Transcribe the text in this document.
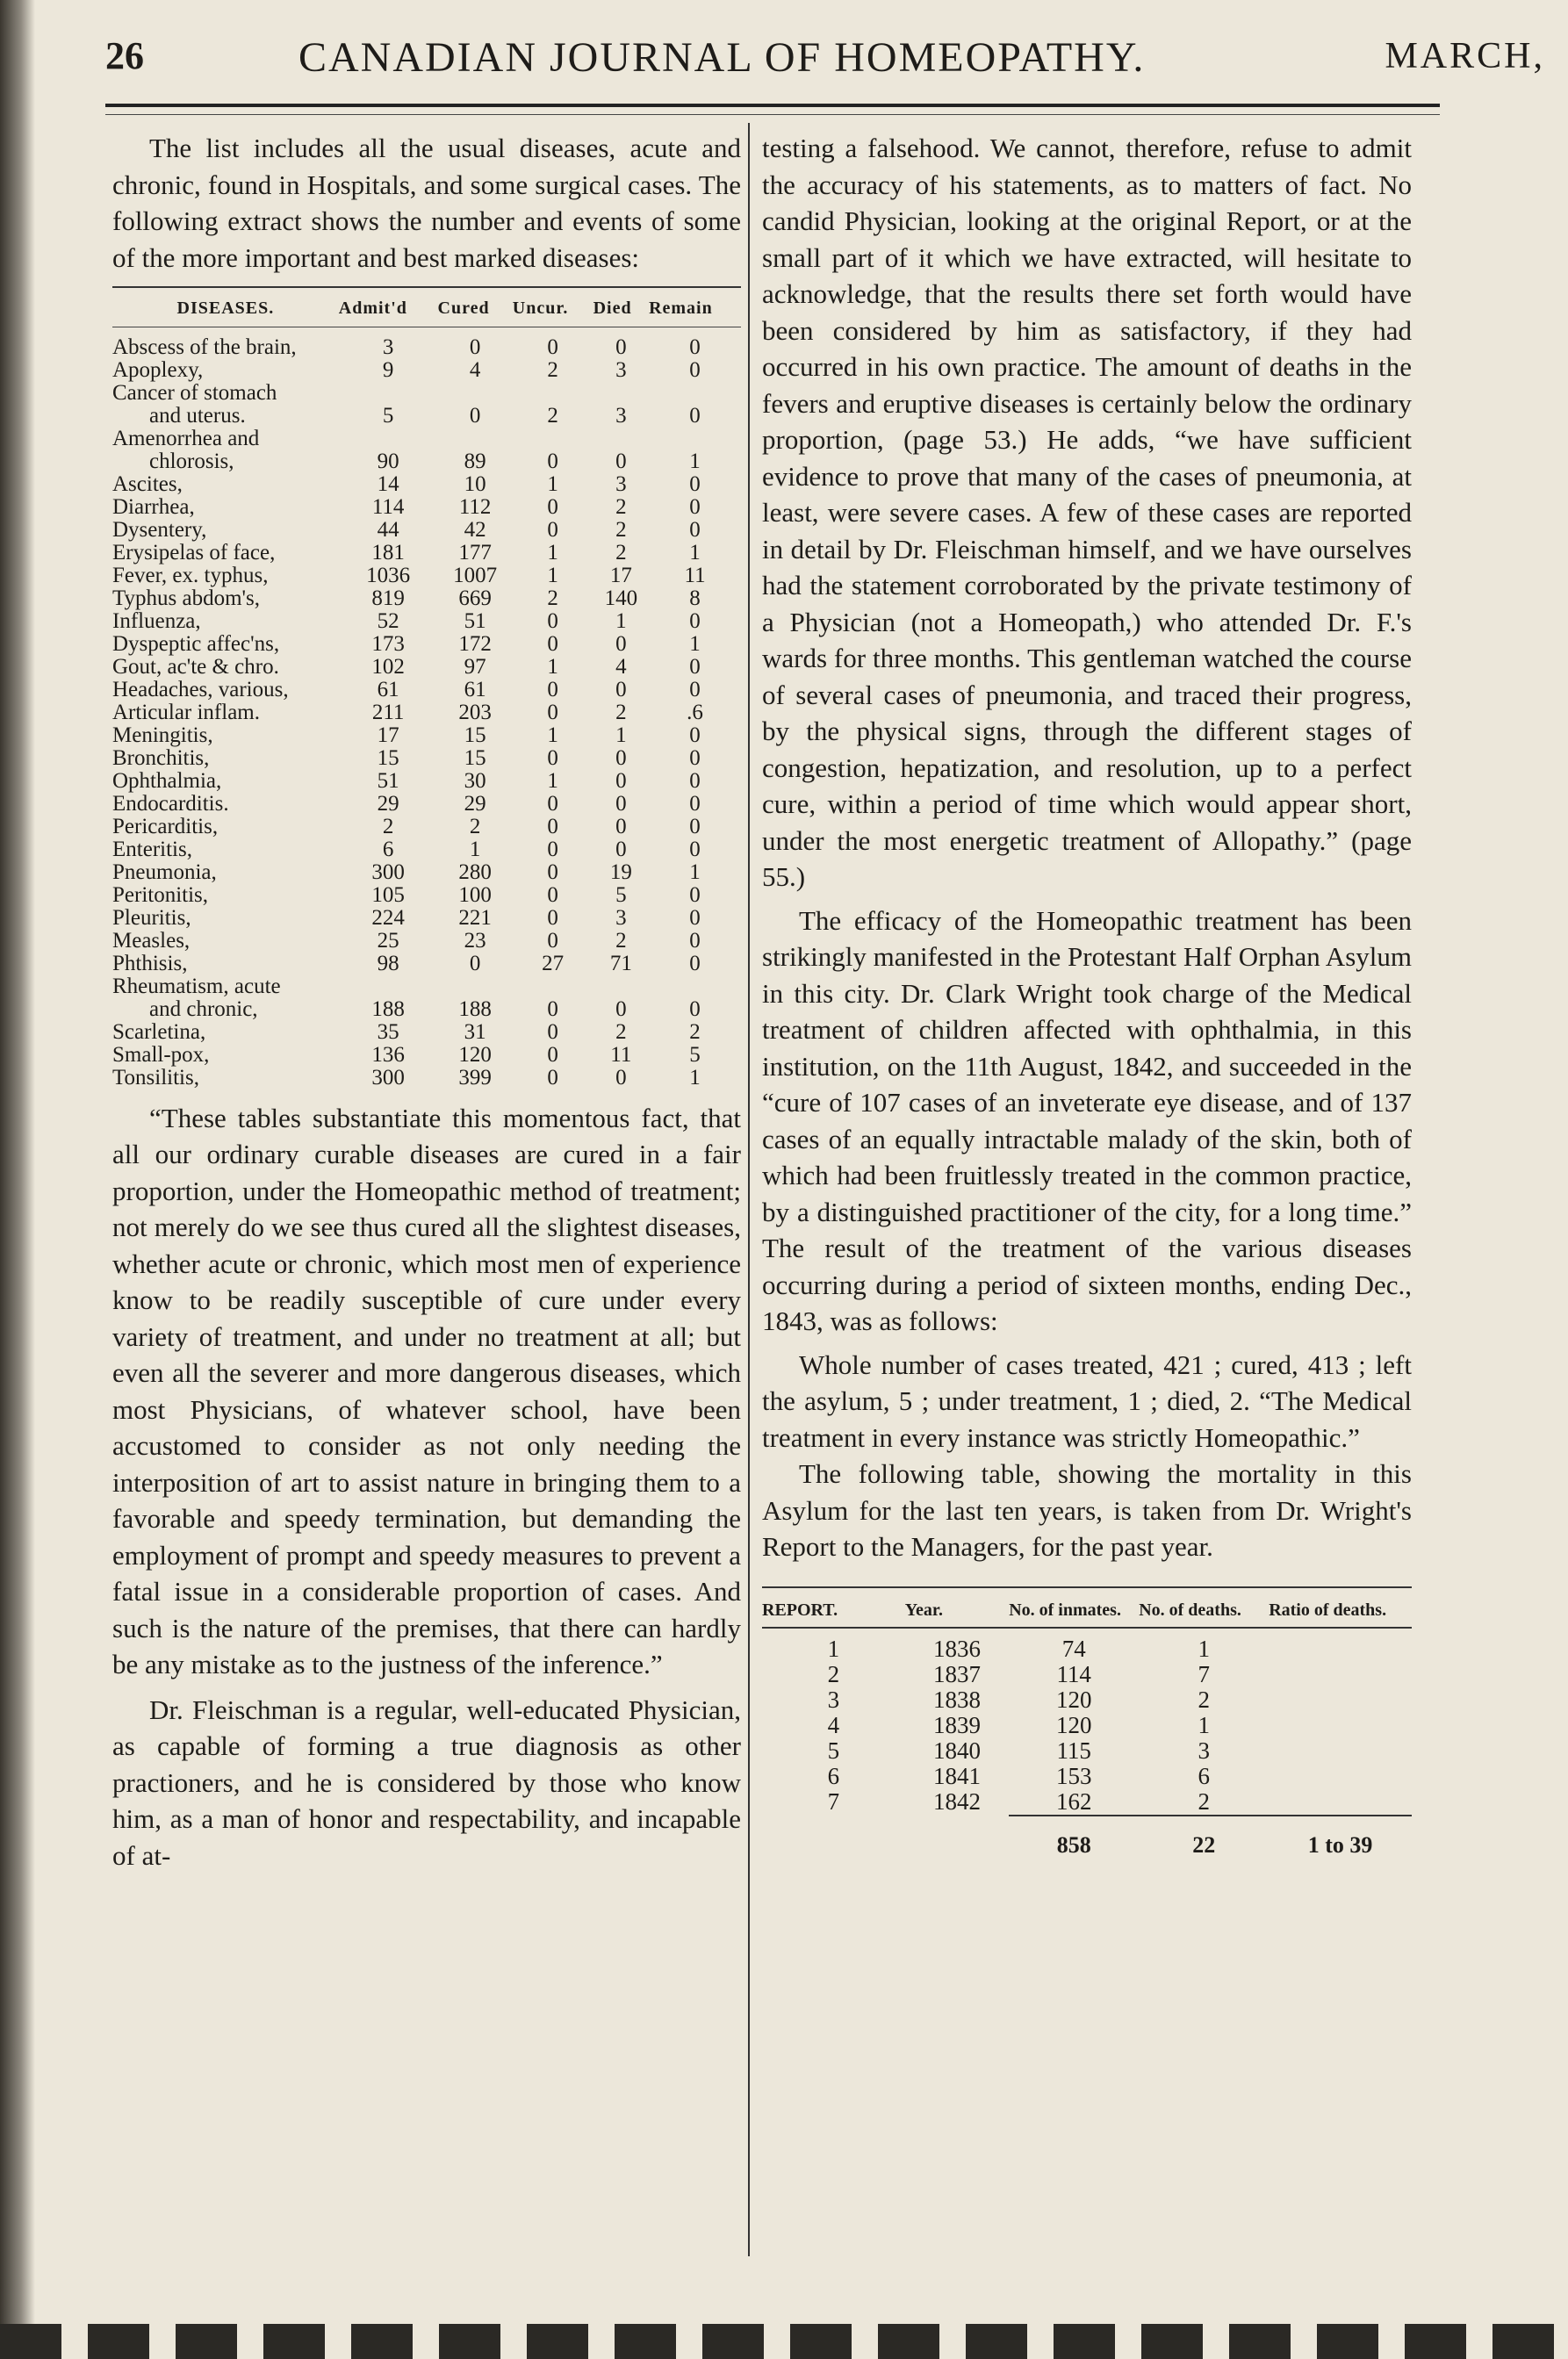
26	CANADIAN JOURNAL OF HOMEOPATHY.	MARCH,

The list includes all the usual diseases, acute and chronic, found in Hospitals, and some surgical cases. The following extract shows the number and events of some of the more important and best marked diseases:

DISEASES.	Admit'd	Cured	Uncur.	Died	Remain

Abscess of the brain,	3	0	0	0	0
Apoplexy,	9	4	2	3	0
Cancer of stomach					
and uterus.	5	0	2	3	0
Amenorrhea and					
chlorosis,	90	89	0	0	1
Ascites,	14	10	1	3	0
Diarrhea,	114	112	0	2	0
Dysentery,	44	42	0	2	0
Erysipelas of face,	181	177	1	2	1
Fever, ex. typhus,	1036	1007	1	17	11
Typhus abdom's,	819	669	2	140	8
Influenza,	52	51	0	1	0
Dyspeptic affec'ns,	173	172	0	0	1
Gout, ac'te & chro.	102	97	1	4	0
Headaches, various,	61	61	0	0	0
Articular inflam.	211	203	0	2	.6
Meningitis,	17	15	1	1	0
Bronchitis,	15	15	0	0	0
Ophthalmia,	51	30	1	0	0
Endocarditis.	29	29	0	0	0
Pericarditis,	2	2	0	0	0
Enteritis,	6	1	0	0	0
Pneumonia,	300	280	0	19	1
Peritonitis,	105	100	0	5	0
Pleuritis,	224	221	0	3	0
Measles,	25	23	0	2	0
Phthisis,	98	0	27	71	0
Rheumatism, acute					
and chronic,	188	188	0	0	0
Scarletina,	35	31	0	2	2
Small-pox,	136	120	0	11	5
Tonsilitis,	300	399	0	0	1

“These tables substantiate this momentous fact, that all our ordinary curable diseases are cured in a fair proportion, under the Homeopathic method of treatment; not merely do we see thus cured all the slightest diseases, whether acute or chronic, which most men of experience know to be readily susceptible of cure under every variety of treatment, and under no treatment at all; but even all the severer and more dangerous diseases, which most Physicians, of whatever school, have been accustomed to consider as not only needing the interposition of art to assist nature in bringing them to a favorable and speedy termination, but demanding the employment of prompt and speedy measures to prevent a fatal issue in a considerable proportion of cases. And such is the nature of the premises, that there can hardly be any mistake as to the justness of the inference.”

Dr. Fleischman is a regular, well-educated Physician, as capable of forming a true diagnosis as other practioners, and he is considered by those who know him, as a man of honor and respectability, and incapable of at-

testing a falsehood. We cannot, therefore, refuse to admit the accuracy of his statements, as to matters of fact. No candid Physician, looking at the original Report, or at the small part of it which we have extracted, will hesitate to acknowledge, that the results there set forth would have been considered by him as satisfactory, if they had occurred in his own practice. The amount of deaths in the fevers and eruptive diseases is certainly below the ordinary proportion, (page 53.) He adds, “we have sufficient evidence to prove that many of the cases of pneumonia, at least, were severe cases. A few of these cases are reported in detail by Dr. Fleischman himself, and we have ourselves had the statement corroborated by the private testimony of a Physician (not a Homeopath,) who attended Dr. F.'s wards for three months. This gentleman watched the course of several cases of pneumonia, and traced their progress, by the physical signs, through the different stages of congestion, hepatization, and resolution, up to a perfect cure, within a period of time which would appear short, under the most energetic treatment of Allopathy.” (page 55.)

The efficacy of the Homeopathic treatment has been strikingly manifested in the Protestant Half Orphan Asylum in this city. Dr. Clark Wright took charge of the Medical treatment of children affected with ophthalmia, in this institution, on the 11th August, 1842, and succeeded in the “cure of 107 cases of an inveterate eye disease, and of 137 cases of an equally intractable malady of the skin, both of which had been fruitlessly treated in the common practice, by a distinguished practitioner of the city, for a long time.” The result of the treatment of the various diseases occurring during a period of sixteen months, ending Dec., 1843, was as follows:

Whole number of cases treated, 421 ; cured, 413 ; left the asylum, 5 ; under treatment, 1 ; died, 2. “The Medical treatment in every instance was strictly Homeopathic.”

The following table, showing the mortality in this Asylum for the last ten years, is taken from Dr. Wright's Report to the Managers, for the past year.

REPORT.	Year.	No. of inmates.	No. of deaths.	Ratio of deaths.

1	1836	74	1	
2	1837	114	7	
3	1838	120	2	
4	1839	120	1	
5	1840	115	3	
6	1841	153	6	
7	1842	162	2	
		858	22	1 to 39
